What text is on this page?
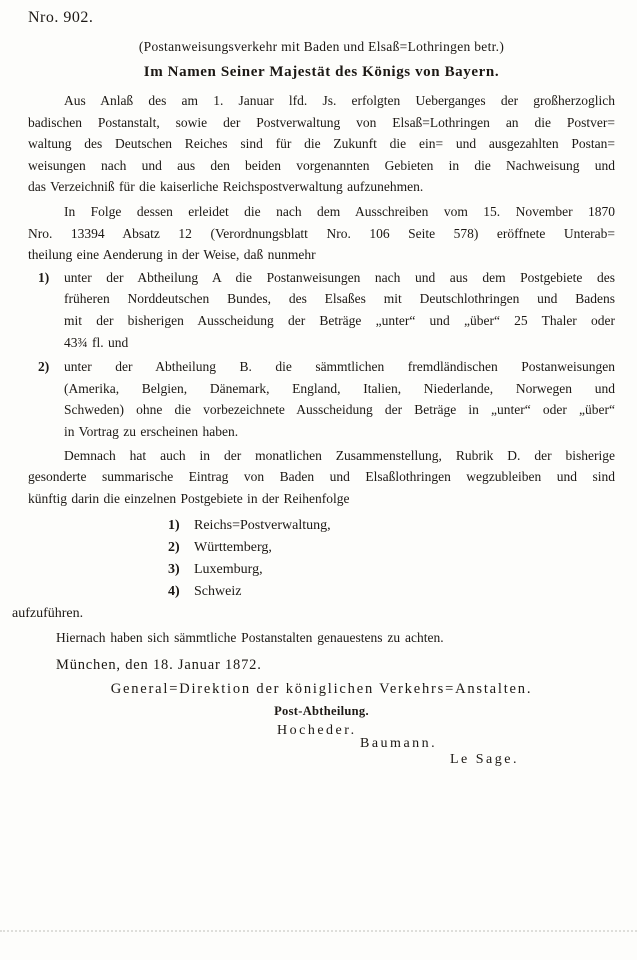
Nro. 902.
(Postanweisungsverkehr mit Baden und Elsaß=Lothringen betr.)
Im Namen Seiner Majestät des Königs von Bayern.
Aus Anlaß des am 1. Januar lfd. Js. erfolgten Ueberganges der großherzoglich
badischen Postanstalt, sowie der Postverwaltung von Elsaß=Lothringen an die Postver=
waltung des Deutschen Reiches sind für die Zukunft die ein= und ausgezahlten Postan=
weisungen nach und aus den beiden vorgenannten Gebieten in die Nachweisung und
das Verzeichniß für die kaiserliche Reichspostverwaltung aufzunehmen.
In Folge dessen erleidet die nach dem Ausschreiben vom 15. November 1870
Nro. 13394 Absatz 12 (Verordnungsblatt Nro. 106 Seite 578) eröffnete Unterab=
theilung eine Aenderung in der Weise, daß nunmehr
1)	unter der Abtheilung A die Postanweisungen nach und aus dem Postgebiete des
früheren Norddeutschen Bundes, des Elsaßes mit Deutschlothringen und Badens
mit der bisherigen Ausscheidung der Beträge „unter“ und „über“ 25 Thaler oder
43¾ fl. und
2)	unter der Abtheilung B. die sämmtlichen fremdländischen Postanweisungen
(Amerika, Belgien, Dänemark, England, Italien, Niederlande, Norwegen und
Schweden) ohne die vorbezeichnete Ausscheidung der Beträge in „unter“ oder „über“
in Vortrag zu erscheinen haben.
Demnach hat auch in der monatlichen Zusammenstellung, Rubrik D. der bisherige
gesonderte summarische Eintrag von Baden und Elsaßlothringen wegzubleiben und sind
künftig darin die einzelnen Postgebiete in der Reihenfolge
1) Reichs=Postverwaltung,
2) Württemberg,
3) Luxemburg,
4) Schweiz
aufzuführen.
Hiernach haben sich sämmtliche Postanstalten genauestens zu achten.
München, den 18. Januar 1872.
General=Direktion der königlichen Verkehrs=Anstalten.
Post-Abtheilung.
Hocheder.
Baumann.
Le Sage.
